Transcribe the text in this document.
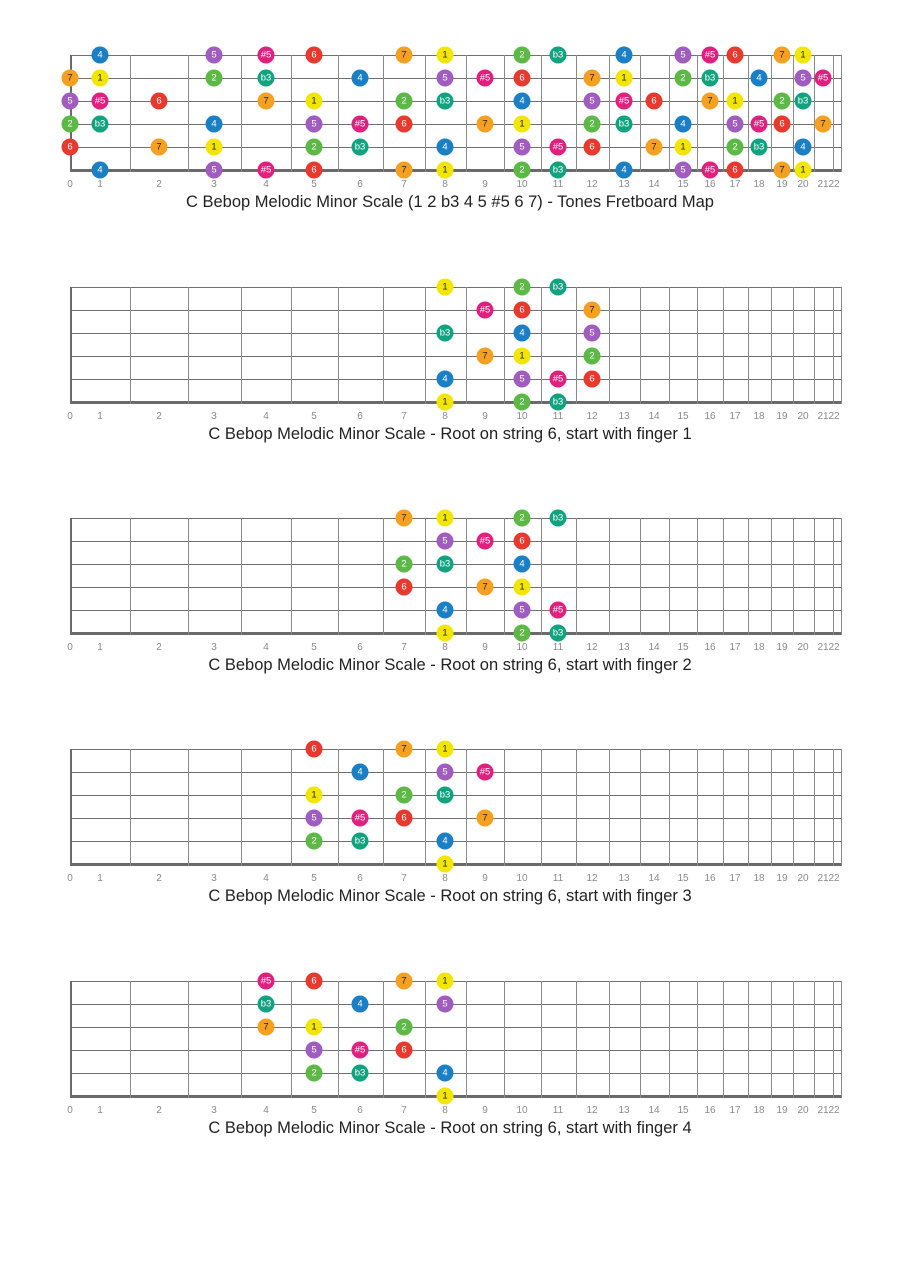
0 1	2	3	4	5	6	7	8	9	10	11 12 13 14 15 16 17 18 19 20 21 22
4	5	#5	6	7	1	2	b3	4	5	#5	6	7	1
7	1	2	b3	4	5	#5	6	7	1	2	b3	4	5	#5
5	#5	6	7	1	2	b3	4	5	#5	6	7	1	2	b3
2	b3	4	5	#5	6	7	1	2	b3	4	5	#5	6	7
6	7	1	2	b3	4	5	#5	6	7	1	2	b3	4
4	5	#5	6	7	1	2	b3	4	5	#5	6	7	1
C Bebop Melodic Minor Scale (1 2 b3 4 5 #5 6 7) - Tones Fretboard Map
0 1	2	3	4	5	6	7	8	9	10	11 12 13 14 15 16 17 18 19 20 21 22
1	2	b3
#5	6	7
b3	4	5
7	1	2
4	5	#5	6
1	2	b3
C Bebop Melodic Minor Scale - Root on string 6, start with finger 1
0 1	2	3	4	5	6	7	8	9	10	11 12 13 14 15 16 17 18 19 20 21 22
7	1	2	b3
5	#5	6
2	b3	4
6	7	1
4	5	#5
1	2	b3
C Bebop Melodic Minor Scale - Root on string 6, start with finger 2
0 1	2	3	4	5	6	7	8	9	10	11 12 13 14 15 16 17 18 19 20 21 22
6	7	1
4	5	#5
1	2	b3
5	#5	6	7
2	b3	4
1
C Bebop Melodic Minor Scale - Root on string 6, start with finger 3
0 1	2	3	4	5	6	7	8	9	10	11 12 13 14 15 16 17 18 19 20 21 22
#5	6	7	1
b3	4	5
7	1	2
5	#5	6
2	b3	4
1
C Bebop Melodic Minor Scale - Root on string 6, start with finger 4
